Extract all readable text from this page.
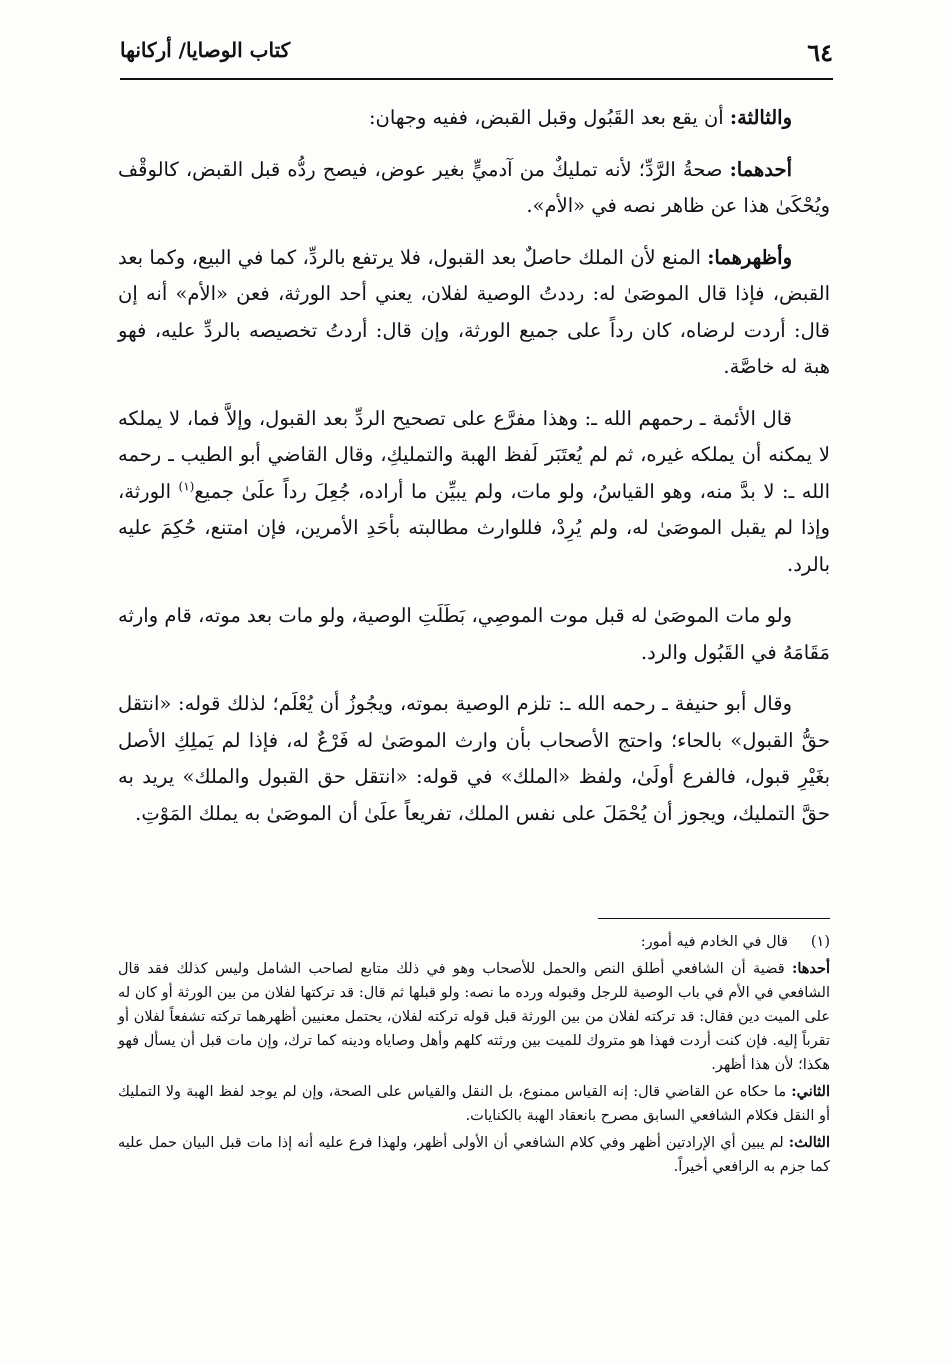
٦٤
كتاب الوصايا/ أركانها

والثالثة: أن يقع بعد القَبُول وقبل القبض، ففيه وجهان:

أحدهما: صحةُ الرَّدِّ؛ لأنه تمليكٌ من آدميٍّ بغير عوض، فيصح ردُّه قبل القبض، كالوقْف ويُحْكَىٰ هذا عن ظاهر نصه في «الأم».

وأظهرهما: المنع لأن الملك حاصلٌ بعد القبول، فلا يرتفع بالردِّ، كما في البيع، وكما بعد القبض، فإذا قال الموصَىٰ له: رددتُ الوصية لفلان، يعني أحد الورثة، فعن «الأم» أنه إن قال: أردت لرضاه، كان رداً على جميع الورثة، وإن قال: أردتُ تخصيصه بالردِّ عليه، فهو هبة له خاصَّة.

قال الأئمة ـ رحمهم الله ـ: وهذا مفرَّع على تصحيح الردِّ بعد القبول، وإلاَّ فما، لا يملكه لا يمكنه أن يملكه غيره، ثم لم يُعتَبَر لَفظ الهبة والتمليكِ، وقال القاضي أبو الطيب ـ رحمه الله ـ: لا بدَّ منه، وهو القياسُ، ولو مات، ولم يبيِّن ما أراده، جُعِلَ رداً علَىٰ جميع$^{(١)}$ الورثة، وإذا لم يقبل الموصَىٰ له، ولم يُرِدْ، فللوارث مطالبته بأحَدِ الأمرين، فإن امتنع، حُكِمَ عليه بالرد.

ولو مات الموصَىٰ له قبل موت الموصِي، بَطَلَتِ الوصية، ولو مات بعد موته، قام وارثه مَقَامَهُ في القَبُول والرد.

وقال أبو حنيفة ـ رحمه الله ـ: تلزم الوصية بموته، ويجُوزُ أن يُعْلَم؛ لذلك قوله: «انتقل حقُّ القبول» بالحاء؛ واحتج الأصحاب بأن وارث الموصَىٰ له فَرْعٌ له، فإذا لم يَملِكِ الأصل بغَيْرِ قبول، فالفرع أولَىٰ، ولفظ «الملك» في قوله: «انتقل حق القبول والملك» يريد به حقَّ التمليك، ويجوز أن يُحْمَلَ على نفس الملك، تفريعاً علَىٰ أن الموصَىٰ به يملك المَوْتِ.

(١)قال في الخادم فيه أمور:

أحدها: قضية أن الشافعي أطلق النص والحمل للأصحاب وهو في ذلك متابع لصاحب الشامل وليس كذلك فقد قال الشافعي في الأم في باب الوصية للرجل وقبوله ورده ما نصه: ولو قبلها ثم قال: قد تركتها لفلان من بين الورثة أو كان له على الميت دين فقال: قد تركته لفلان من بين الورثة قبل قوله تركته لفلان، يحتمل معنيين أظهرهما تركته تشفعاً لفلان أو تقرباً إليه. فإن كنت أردت فهذا هو متروك للميت بين ورثته كلهم وأهل وصاياه ودينه كما ترك، وإن مات قبل أن يسأل فهو هكذا؛ لأن هذا أظهر.

الثاني: ما حكاه عن القاضي قال: إنه القياس ممنوع، بل النقل والقياس على الصحة، وإن لم يوجد لفظ الهبة ولا التمليك أو النقل فكلام الشافعي السابق مصرح بانعقاد الهبة بالكنايات.

الثالث: لم يبين أي الإرادتين أظهر وفي كلام الشافعي أن الأولى أظهر، ولهذا فرع عليه أنه إذا مات قبل البيان حمل عليه كما جزم به الرافعي أخيراً.
